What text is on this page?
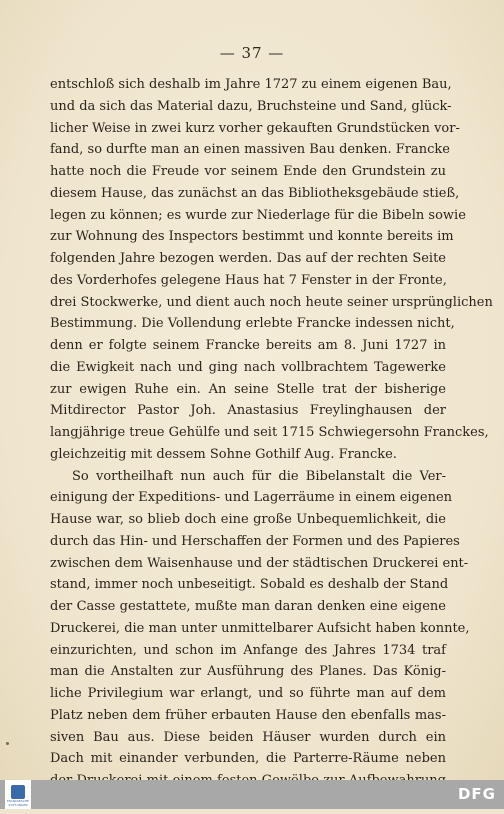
— 37 —
entschloß sich deshalb im Jahre 1727 zu einem eigenen Bau,
und da sich das Material dazu, Bruchsteine und Sand, glück-
licher Weise in zwei kurz vorher gekauften Grundstücken vor-
fand, so durfte man an einen massiven Bau denken. Francke
hatte noch die Freude vor seinem Ende den Grundstein zu
diesem Hause, das zunächst an das Bibliotheksgebäude stieß,
legen zu können; es wurde zur Niederlage für die Bibeln sowie
zur Wohnung des Inspectors bestimmt und konnte bereits im
folgenden Jahre bezogen werden. Das auf der rechten Seite
des Vorderhofes gelegene Haus hat 7 Fenster in der Fronte,
drei Stockwerke, und dient auch noch heute seiner ursprünglichen
Bestimmung. Die Vollendung erlebte Francke indessen nicht,
denn er folgte seinem Francke bereits am 8. Juni 1727 in
die Ewigkeit nach und ging nach vollbrachtem Tagewerke
zur ewigen Ruhe ein. An seine Stelle trat der bisherige
Mitdirector Pastor Joh. Anastasius Freylinghausen der
langjährige treue Gehülfe und seit 1715 Schwiegersohn Franckes,
gleichzeitig mit dessem Sohne Gothilf Aug. Francke.
So vortheilhaft nun auch für die Bibelanstalt die Ver-
einigung der Expeditions- und Lagerräume in einem eigenen
Hause war, so blieb doch eine große Unbequemlichkeit, die
durch das Hin- und Herschaffen der Formen und des Papieres
zwischen dem Waisenhause und der städtischen Druckerei ent-
stand, immer noch unbeseitigt. Sobald es deshalb der Stand
der Casse gestattete, mußte man daran denken eine eigene
Druckerei, die man unter unmittelbarer Aufsicht haben konnte,
einzurichten, und schon im Anfange des Jahres 1734 traf
man die Anstalten zur Ausführung des Planes. Das König-
liche Privilegium war erlangt, und so führte man auf dem
Platz neben dem früher erbauten Hause den ebenfalls mas-
siven Bau aus. Diese beiden Häuser wurden durch ein
Dach mit einander verbunden, die Parterre-Räume neben
FRANCKESCHE STIFTUNGEN
DFG
